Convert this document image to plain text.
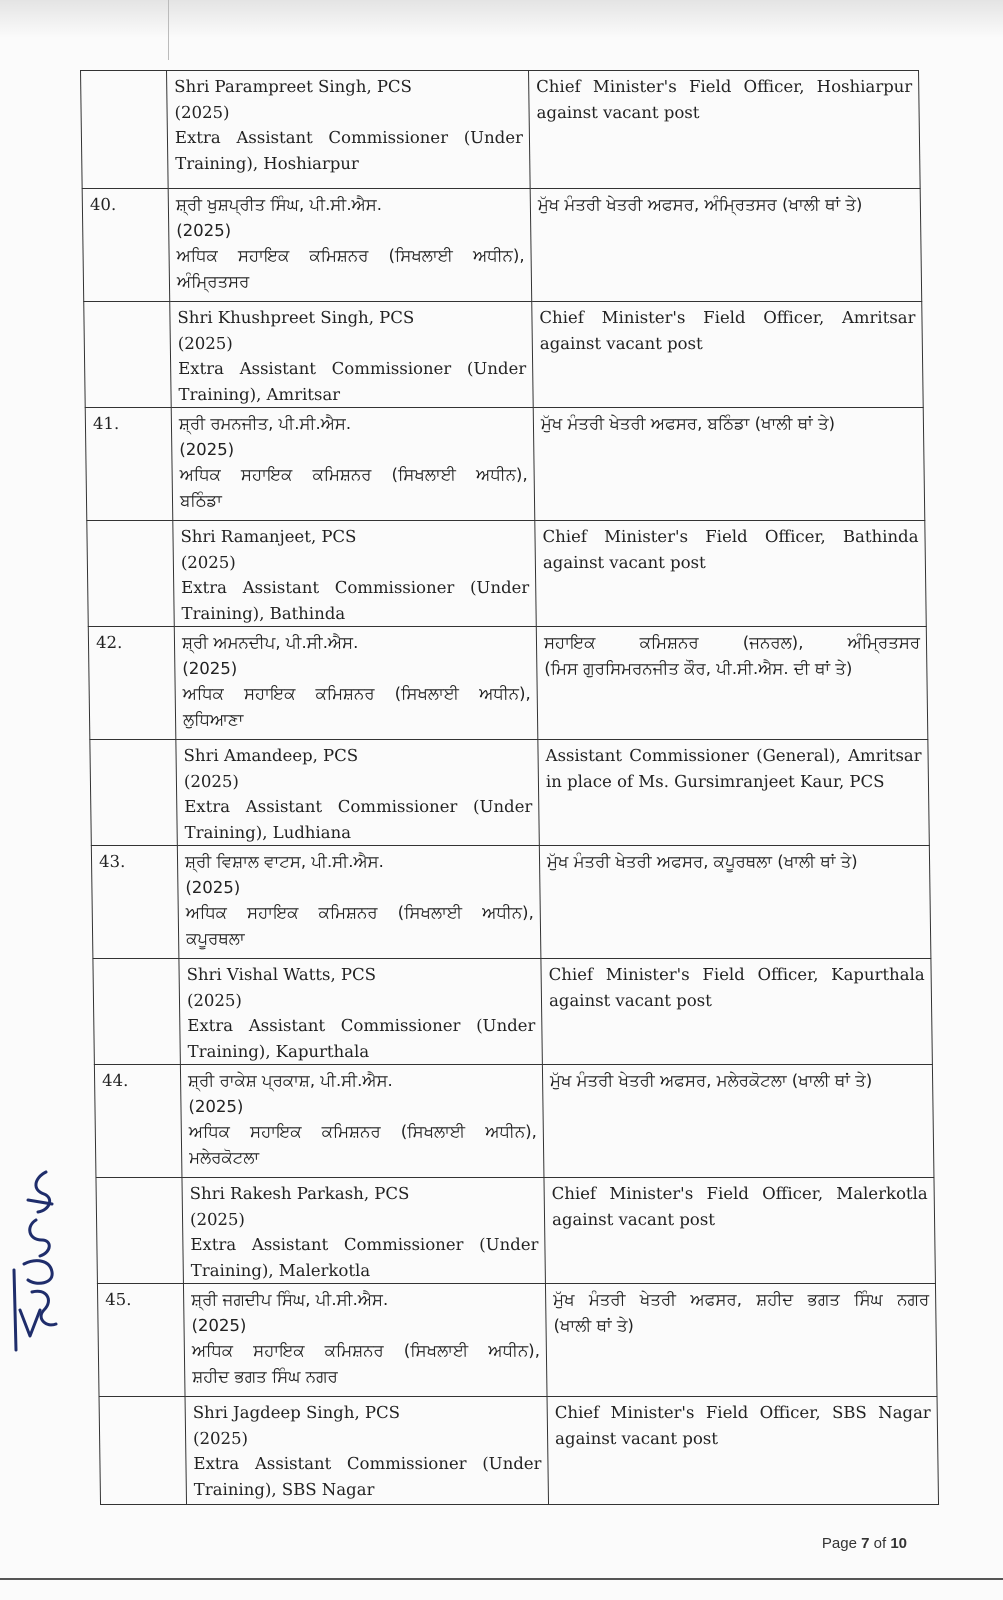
	Shri Parampreet Singh, PCS
(2025)
Extra Assistant Commissioner (Under
Training), Hoshiarpur	Chief Minister's Field Officer, Hoshiarpur
against vacant post

40.	ਸ਼੍ਰੀ ਖੁਸ਼ਪ੍ਰੀਤ ਸਿੰਘ, ਪੀ.ਸੀ.ਐਸ.
(2025)
ਅਧਿਕ ਸਹਾਇਕ ਕਮਿਸ਼ਨਰ (ਸਿਖਲਾਈ ਅਧੀਨ),
ਅੰਮ੍ਰਿਤਸਰ	ਮੁੱਖ ਮੰਤਰੀ ਖੇਤਰੀ ਅਫਸਰ, ਅੰਮ੍ਰਿਤਸਰ (ਖਾਲੀ ਥਾਂ ਤੇ)

	Shri Khushpreet Singh, PCS
(2025)
Extra Assistant Commissioner (Under
Training), Amritsar	Chief Minister's Field Officer, Amritsar
against vacant post

41.	ਸ਼੍ਰੀ ਰਮਨਜੀਤ, ਪੀ.ਸੀ.ਐਸ.
(2025)
ਅਧਿਕ ਸਹਾਇਕ ਕਮਿਸ਼ਨਰ (ਸਿਖਲਾਈ ਅਧੀਨ),
ਬਠਿੰਡਾ	ਮੁੱਖ ਮੰਤਰੀ ਖੇਤਰੀ ਅਫਸਰ, ਬਠਿੰਡਾ (ਖਾਲੀ ਥਾਂ ਤੇ)

	Shri Ramanjeet, PCS
(2025)
Extra Assistant Commissioner (Under
Training), Bathinda	Chief Minister's Field Officer, Bathinda
against vacant post

42.	ਸ਼੍ਰੀ ਅਮਨਦੀਪ, ਪੀ.ਸੀ.ਐਸ.
(2025)
ਅਧਿਕ ਸਹਾਇਕ ਕਮਿਸ਼ਨਰ (ਸਿਖਲਾਈ ਅਧੀਨ),
ਲੁਧਿਆਣਾ	ਸਹਾਇਕ ਕਮਿਸ਼ਨਰ (ਜਨਰਲ), ਅੰਮ੍ਰਿਤਸਰ
(ਮਿਸ ਗੁਰਸਿਮਰਨਜੀਤ ਕੌਰ, ਪੀ.ਸੀ.ਐਸ. ਦੀ ਥਾਂ ਤੇ)

	Shri Amandeep, PCS
(2025)
Extra Assistant Commissioner (Under
Training), Ludhiana	Assistant Commissioner (General), Amritsar
in place of Ms. Gursimranjeet Kaur, PCS

43.	ਸ਼੍ਰੀ ਵਿਸ਼ਾਲ ਵਾਟਸ, ਪੀ.ਸੀ.ਐਸ.
(2025)
ਅਧਿਕ ਸਹਾਇਕ ਕਮਿਸ਼ਨਰ (ਸਿਖਲਾਈ ਅਧੀਨ),
ਕਪੂਰਥਲਾ	ਮੁੱਖ ਮੰਤਰੀ ਖੇਤਰੀ ਅਫਸਰ, ਕਪੂਰਥਲਾ (ਖਾਲੀ ਥਾਂ ਤੇ)

	Shri Vishal Watts, PCS
(2025)
Extra Assistant Commissioner (Under
Training), Kapurthala	Chief Minister's Field Officer, Kapurthala
against vacant post

44.	ਸ਼੍ਰੀ ਰਾਕੇਸ਼ ਪ੍ਰਕਾਸ਼, ਪੀ.ਸੀ.ਐਸ.
(2025)
ਅਧਿਕ ਸਹਾਇਕ ਕਮਿਸ਼ਨਰ (ਸਿਖਲਾਈ ਅਧੀਨ),
ਮਲੇਰਕੋਟਲਾ	ਮੁੱਖ ਮੰਤਰੀ ਖੇਤਰੀ ਅਫਸਰ, ਮਲੇਰਕੋਟਲਾ (ਖਾਲੀ ਥਾਂ ਤੇ)

	Shri Rakesh Parkash, PCS
(2025)
Extra Assistant Commissioner (Under
Training), Malerkotla	Chief Minister's Field Officer, Malerkotla
against vacant post

45.	ਸ਼੍ਰੀ ਜਗਦੀਪ ਸਿੰਘ, ਪੀ.ਸੀ.ਐਸ.
(2025)
ਅਧਿਕ ਸਹਾਇਕ ਕਮਿਸ਼ਨਰ (ਸਿਖਲਾਈ ਅਧੀਨ),
ਸ਼ਹੀਦ ਭਗਤ ਸਿੰਘ ਨਗਰ	ਮੁੱਖ ਮੰਤਰੀ ਖੇਤਰੀ ਅਫਸਰ, ਸ਼ਹੀਦ ਭਗਤ ਸਿੰਘ ਨਗਰ
(ਖਾਲੀ ਥਾਂ ਤੇ)

	Shri Jagdeep Singh, PCS
(2025)
Extra Assistant Commissioner (Under
Training), SBS Nagar	Chief Minister's Field Officer, SBS Nagar
against vacant post
Page 7 of 10
